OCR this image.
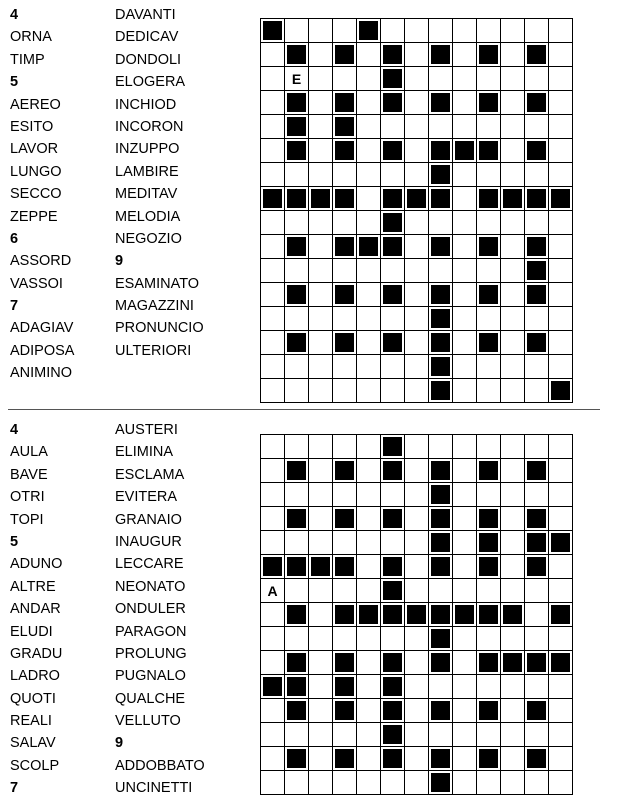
4
ORNA
TIMP
5
AEREO
ESITO
LAVOR
LUNGO
SECCO
ZEPPE
6
ASSORD
VASSOI
7
ADAGIAV
ADIPOSA
ANIMINO
DAVANTI
DEDICAV
DONDOLI
ELOGERA
INCHIOD
INCORON
INZUPPO
LAMBIRE
MEDITAV
MELODIA
NEGOZIO
9
ESAMINATO
MAGAZZINI
PRONUNCIO
ULTERIORI
E
4
AULA
BAVE
OTRI
TOPI
5
ADUNO
ALTRE
ANDAR
ELUDI
GRADU
LADRO
QUOTI
REALI
SALAV
SCOLP
7
AUSTERI
ELIMINA
ESCLAMA
EVITERA
GRANAIO
INAUGUR
LECCARE
NEONATO
ONDULER
PARAGON
PROLUNG
PUGNALO
QUALCHE
VELLUTO
9
ADDOBBATO
UNCINETTI
A
